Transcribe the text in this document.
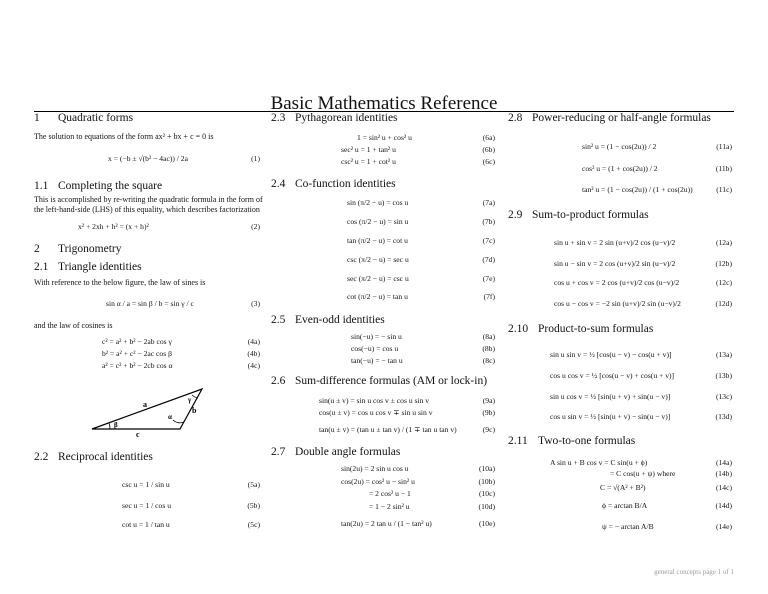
Basic Mathematics Reference
1 Quadratic forms
The solution to equations of the form ax² + bx + c = 0 is
x = (−b ± √(b² − 4ac)) / 2a	(1)
1.1 Completing the square
This is accomplished by re-writing the quadratic formula in the form of the left-hand-side (LHS) of this equality, which describes factorization
x² + 2xh + h² = (x + h)²	(2)
2 Trigonometry
2.1 Triangle identities
With reference to the below figure, the law of sines is
sin α / a = sin β / b = sin γ / c	(3)
and the law of cosines is
c² = a² + b² − 2ab cos γ	(4a)
b² = a² + c² − 2ac cos β	(4b)
a² = c² + b² − 2cb cos α	(4c)
a
b
c
β
α
γ
2.2 Reciprocal identities
csc u = 1 / sin u	(5a)
sec u = 1 / cos u	(5b)
cot u = 1 / tan u	(5c)
2.3 Pythagorean identities
1 = sin² u + cos² u	(6a)
sec² u = 1 + tan² u	(6b)
csc² u = 1 + cot² u	(6c)
2.4 Co-function identities
sin (π/2 − u) = cos u	(7a)
cos (π/2 − u) = sin u	(7b)
tan (π/2 − u) = cot u	(7c)
csc (π/2 − u) = sec u	(7d)
sec (π/2 − u) = csc u	(7e)
cot (π/2 − u) = tan u	(7f)
2.5 Even-odd identities
sin(−u) = − sin u	(8a)
cos(−u) = cos u	(8b)
tan(−u) = − tan u	(8c)
2.6 Sum-difference formulas (AM or lock-in)
sin(u ± v) = sin u cos v ± cos u sin v	(9a)
cos(u ± v) = cos u cos v ∓ sin u sin v	(9b)
tan(u ± v) = (tan u ± tan v) / (1 ∓ tan u tan v)	(9c)
2.7 Double angle formulas
sin(2u) = 2 sin u cos u	(10a)
cos(2u) = cos² u − sin² u	(10b)
= 2 cos² u − 1	(10c)
= 1 − 2 sin² u	(10d)
tan(2u) = 2 tan u / (1 − tan² u)	(10e)
2.8 Power-reducing or half-angle formulas
sin² u = (1 − cos(2u)) / 2	(11a)
cos² u = (1 + cos(2u)) / 2	(11b)
tan² u = (1 − cos(2u)) / (1 + cos(2u))	(11c)
2.9 Sum-to-product formulas
sin u + sin v = 2 sin (u+v)/2 cos (u−v)/2	(12a)
sin u − sin v = 2 cos (u+v)/2 sin (u−v)/2	(12b)
cos u + cos v = 2 cos (u+v)/2 cos (u−v)/2	(12c)
cos u − cos v = −2 sin (u+v)/2 sin (u−v)/2	(12d)
2.10 Product-to-sum formulas
sin u sin v = ½ [cos(u − v) − cos(u + v)]	(13a)
cos u cos v = ½ [cos(u − v) + cos(u + v)]	(13b)
sin u cos v = ½ [sin(u + v) + sin(u − v)]	(13c)
cos u sin v = ½ [sin(u + v) − sin(u − v)]	(13d)
2.11 Two-to-one formulas
A sin u + B cos v = C sin(u + ϕ)	(14a)
= C cos(u + ψ) where	(14b)
C = √(A² + B²)	(14c)
ϕ = arctan B/A	(14d)
ψ = − arctan A/B	(14e)
general concepts page 1 of 1
